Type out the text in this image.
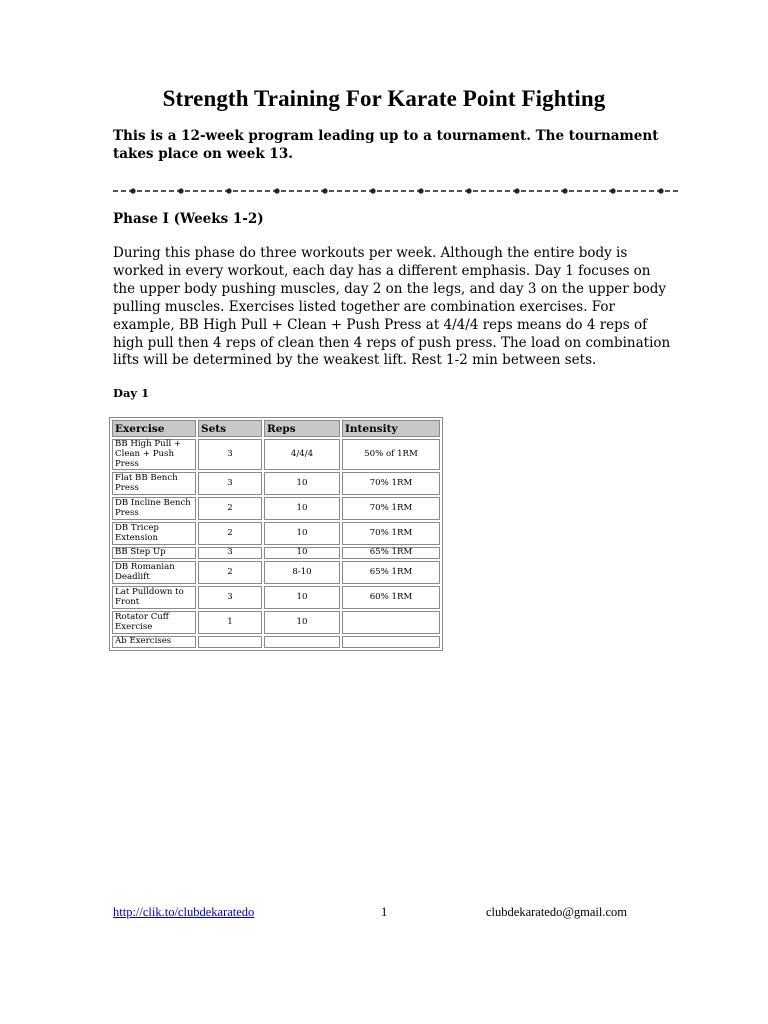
Strength Training For Karate Point Fighting
This is a 12-week program leading up to a tournament. The tournament takes place on week 13.
Phase I (Weeks 1-2)
During this phase do three workouts per week. Although the entire body is worked in every workout, each day has a different emphasis. Day 1 focuses on the upper body pushing muscles, day 2 on the legs, and day 3 on the upper body pulling muscles. Exercises listed together are combination exercises. For example, BB High Pull + Clean + Push Press at 4/4/4 reps means do 4 reps of high pull then 4 reps of clean then 4 reps of push press. The load on combination lifts will be determined by the weakest lift. Rest 1-2 min between sets.
Day 1
Exercise	Sets	Reps	Intensity
BB High Pull + Clean + Push Press	3	4/4/4	50% of 1RM
Flat BB Bench Press	3	10	70% 1RM
DB Incline Bench Press	2	10	70% 1RM
DB Tricep Extension	2	10	70% 1RM
BB Step Up	3	10	65% 1RM
DB Romanian Deadlift	2	8-10	65% 1RM
Lat Pulldown to Front	3	10	60% 1RM
Rotator Cuff Exercise	1	10	
Ab Exercises			
http://clik.to/clubdekaratedo	1	clubdekaratedo@gmail.com
